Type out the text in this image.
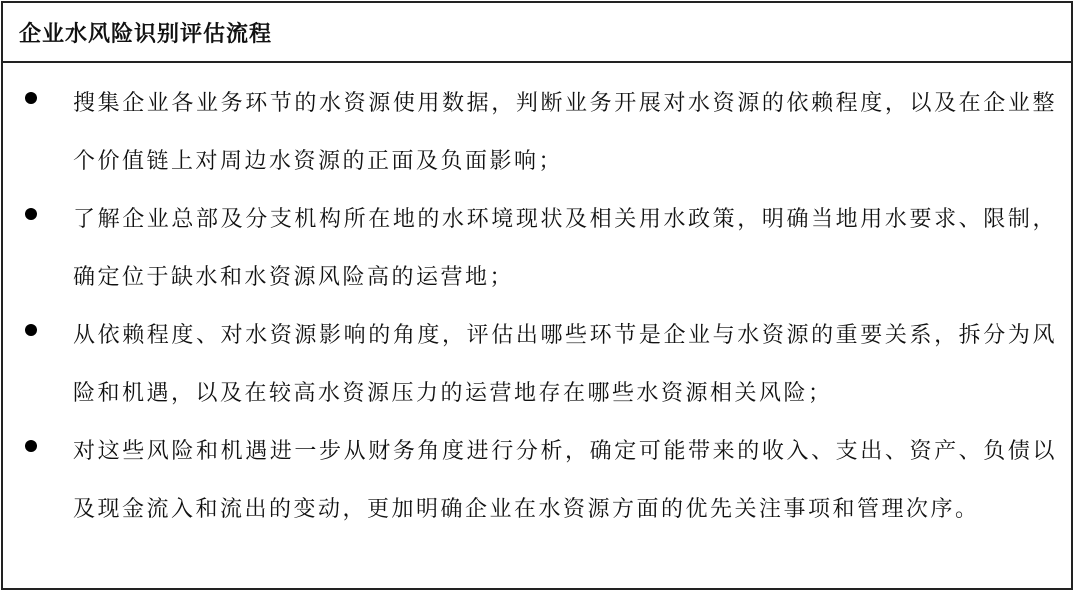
企业水风险识别评估流程
搜集企业各业务环节的水资源使用数据，判断业务开展对水资源的依赖程度，以及在企业整个价值链上对周边水资源的正面及负面影响；
了解企业总部及分支机构所在地的水环境现状及相关用水政策，明确当地用水要求、限制，确定位于缺水和水资源风险高的运营地；
从依赖程度、对水资源影响的角度，评估出哪些环节是企业与水资源的重要关系，拆分为风险和机遇，以及在较高水资源压力的运营地存在哪些水资源相关风险；
对这些风险和机遇进一步从财务角度进行分析，确定可能带来的收入、支出、资产、负债以及现金流入和流出的变动，更加明确企业在水资源方面的优先关注事项和管理次序。
